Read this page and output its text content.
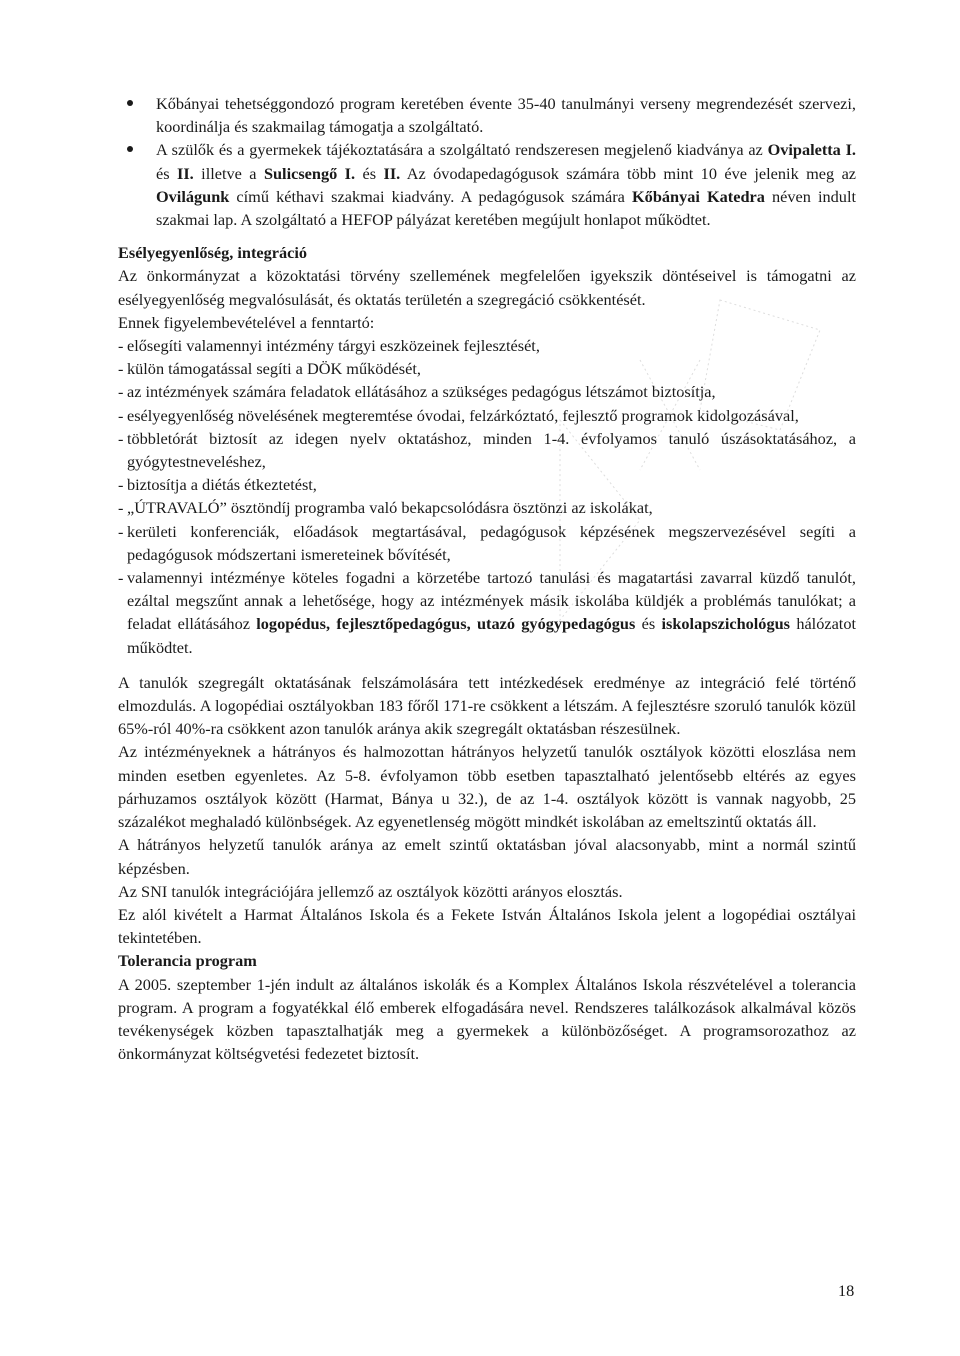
Kőbányai tehetséggondozó program keretében évente 35-40 tanulmányi verseny megrendezését szervezi, koordinálja és szakmailag támogatja a szolgáltató.
A szülők és a gyermekek tájékoztatására a szolgáltató rendszeresen megjelenő kiadványa az Ovipaletta I. és II. illetve a Sulicsengő I. és II. Az óvodapedagógusok számára több mint 10 éve jelenik meg az Ovilágunk című kéthavi szakmai kiadvány. A pedagógusok számára Kőbányai Katedra néven indult szakmai lap. A szolgáltató a HEFOP pályázat keretében megújult honlapot működtet.
Esélyegyenlőség, integráció

Az önkormányzat a közoktatási törvény szellemének megfelelően igyekszik döntéseivel is támogatni az esélyegyenlőség megvalósulását, és oktatás területén a szegregáció csökkentését.

Ennek figyelembevételével a fenntartó:

- elősegíti valamennyi intézmény tárgyi eszközeinek fejlesztését,
- külön támogatással segíti a DÖK működését,
- az intézmények számára feladatok ellátásához a szükséges pedagógus létszámot biztosítja,
- esélyegyenlőség növelésének megteremtése óvodai, felzárkóztató, fejlesztő programok kidolgozásával,
- többletórát biztosít az idegen nyelv oktatáshoz, minden 1-4. évfolyamos tanuló úszásoktatásához, a gyógytestneveléshez,
- biztosítja a diétás étkeztetést,
- „ÚTRAVALÓ” ösztöndíj programba való bekapcsolódásra ösztönzi az iskolákat,
- kerületi konferenciák, előadások megtartásával, pedagógusok képzésének megszervezésével segíti a pedagógusok módszertani ismereteinek bővítését,
- valamennyi intézménye köteles fogadni a körzetébe tartozó tanulási és magatartási zavarral küzdő tanulót, ezáltal megszűnt annak a lehetősége, hogy az intézmények másik iskolába küldjék a problémás tanulókat; a feladat ellátásához logopédus, fejlesztőpedagógus, utazó gyógypedagógus és iskolapszichológus hálózatot működtet.

A tanulók szegregált oktatásának felszámolására tett intézkedések eredménye az integráció felé történő elmozdulás. A logopédiai osztályokban 183 főről 171-re csökkent a létszám. A fejlesztésre szoruló tanulók közül 65%-ról 40%-ra csökkent azon tanulók aránya akik szegregált oktatásban részesülnek.

Az intézményeknek a hátrányos és halmozottan hátrányos helyzetű tanulók osztályok közötti eloszlása nem minden esetben egyenletes. Az 5-8. évfolyamon több esetben tapasztalható jelentősebb eltérés az egyes párhuzamos osztályok között (Harmat, Bánya u 32.), de az 1-4. osztályok között is vannak nagyobb, 25 százalékot meghaladó különbségek. Az egyenetlenség mögött mindkét iskolában az emeltszintű oktatás áll.

A hátrányos helyzetű tanulók aránya az emelt szintű oktatásban jóval alacsonyabb, mint a normál szintű képzésben.

Az SNI tanulók integrációjára jellemző az osztályok közötti arányos elosztás.

Ez alól kivételt a Harmat Általános Iskola és a Fekete István Általános Iskola jelent a logopédiai osztályai tekintetében.

Tolerancia program

A 2005. szeptember 1-jén indult az általános iskolák és a Komplex Általános Iskola részvételével a tolerancia program. A program a fogyatékkal élő emberek elfogadására nevel. Rendszeres találkozások alkalmával közös tevékenységek közben tapasztalhatják meg a gyermekek a különbözőséget. A programsorozathoz az önkormányzat költségvetési fedezetet biztosít.

18
